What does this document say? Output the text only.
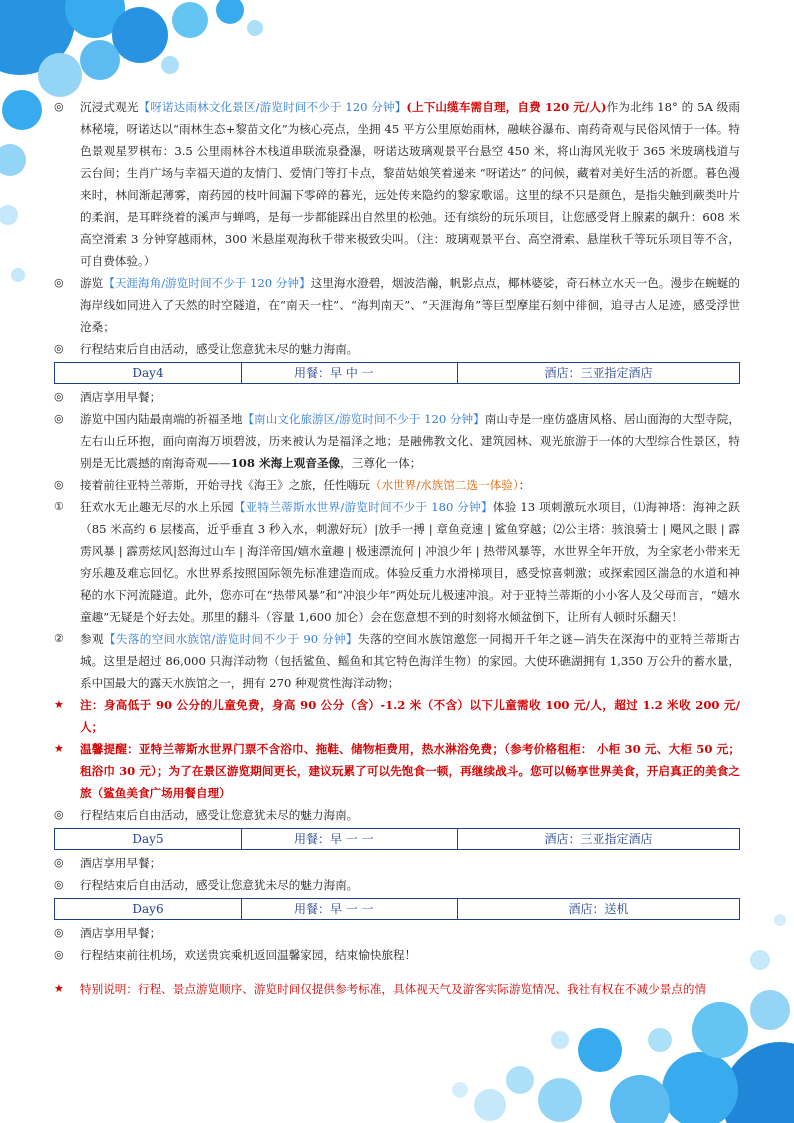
◎	沉浸式观光【呀诺达雨林文化景区/游览时间不少于 120 分钟】(上下山缆车需自理，自费 120 元/人)作为北纬 18° 的 5A 级雨林秘境，呀诺达以“雨林生态+黎苗文化”为核心亮点，坐拥 45 平方公里原始雨林，融峡谷瀑布、南药奇观与民俗风情于一体。特色景观星罗棋布：3.5 公里雨林谷木栈道串联流泉叠瀑，呀诺达玻璃观景平台悬空 450 米，将山海风光收于 365 米玻璃栈道与云台间；生肖广场与幸福天道的友情门、爱情门等打卡点，黎苗姑娘笑着递来 “呀诺达” 的问候，藏着对美好生活的祈愿。暮色漫来时，林间渐起薄雾，南药园的枝叶间漏下零碎的暮光，远处传来隐约的黎家歌谣。这里的绿不只是颜色，是指尖触到蕨类叶片的柔润，是耳畔绕着的溪声与蝉鸣，是每一步都能踩出自然里的松弛。还有缤纷的玩乐项目，让您感受肾上腺素的飙升：608 米高空滑索 3 分钟穿越雨林，300 米悬崖观海秋千带来极致尖叫。（注：玻璃观景平台、高空滑索、悬崖秋千等玩乐项目等不含，可自费体验。）
◎	游览【天涯海角/游览时间不少于 120 分钟】这里海水澄碧，烟波浩瀚，帆影点点，椰林婆娑，奇石林立水天一色。漫步在蜿蜒的海岸线如同进入了天然的时空隧道，在“南天一柱”、“海判南天”、“天涯海角”等巨型摩崖石刻中徘徊，追寻古人足迹，感受浮世沧桑；
◎	行程结束后自由活动，感受让您意犹未尽的魅力海南。
Day4	用餐：早 中 一	酒店：三亚指定酒店
◎	酒店享用早餐；
◎	游览中国内陆最南端的祈福圣地【南山文化旅游区/游览时间不少于 120 分钟】南山寺是一座仿盛唐风格、居山面海的大型寺院，左右山丘环抱，面向南海万顷碧波，历来被认为是福泽之地；是融佛教文化、建筑园林、观光旅游于一体的大型综合性景区，特别是无比震撼的南海奇观——108 米海上观音圣像，三尊化一体；
◎	接着前往亚特兰蒂斯，开始寻找《海王》之旅，任性嗨玩（水世界/水族馆二选一体验）：
①	狂欢水无止趣无尽的水上乐园【亚特兰蒂斯水世界/游览时间不少于 180 分钟】体验 13 项刺激玩水项目，⑴海神塔：海神之跃（85 米高约 6 层楼高，近乎垂直 3 秒入水，刺激好玩）|放手一搏 | 章鱼竞速 | 鲨鱼穿越；⑵公主塔：骇浪骑士 | 飓风之眼 | 霹雳风暴 | 霹雳炫风|怒海过山车 | 海洋帝国/嬉水童趣 | 极速漂流何 | 冲浪少年 | 热带风暴等，水世界全年开放，为全家老小带来无穷乐趣及难忘回忆。水世界系按照国际领先标准建造而成。体验反重力水滑梯项目，感受惊喜刺激；或探索园区湍急的水道和神秘的水下河流隧道。此外，您亦可在“热带风暴”和“冲浪少年”两处玩儿极速冲浪。对于亚特兰蒂斯的小小客人及父母而言，“嬉水童趣”无疑是个好去处。那里的翻斗（容量 1,600 加仑）会在您意想不到的时刻将水倾盆倒下，让所有人顿时乐翻天！
②	参观【失落的空间水族馆/游览时间不少于 90 分钟】失落的空间水族馆邀您一同揭开千年之谜—消失在深海中的亚特兰蒂斯古城。这里是超过 86,000 只海洋动物（包括鲨鱼、鳐鱼和其它特色海洋生物）的家园。大使环礁湖拥有 1,350 万公升的蓄水量，系中国最大的露天水族馆之一，拥有 270 种观赏性海洋动物；
★	注：身高低于 90 公分的儿童免费，身高 90 公分（含）-1.2 米（不含）以下儿童需收 100 元/人，超过 1.2 米收 200 元/人；
★	温馨提醒：亚特兰蒂斯水世界门票不含浴巾、拖鞋、储物柜费用，热水淋浴免费；（参考价格租柜： 小柜 30 元、大柜 50 元；租浴巾 30 元）；为了在景区游览期间更长，建议玩累了可以先饱食一顿，再继续战斗。您可以畅享世界美食，开启真正的美食之旅（鲨鱼美食广场用餐自理）
◎	行程结束后自由活动，感受让您意犹未尽的魅力海南。
Day5	用餐：早 一 一	酒店：三亚指定酒店
◎	酒店享用早餐；
◎	行程结束后自由活动，感受让您意犹未尽的魅力海南。
Day6	用餐：早 一 一	酒店：送机
◎	酒店享用早餐；
◎	行程结束前往机场，欢送贵宾乘机返回温馨家园，结束愉快旅程！
★	特别说明：行程、景点游览顺序、游览时间仅提供参考标准，具体视天气及游客实际游览情况、我社有权在不减少景点的情
